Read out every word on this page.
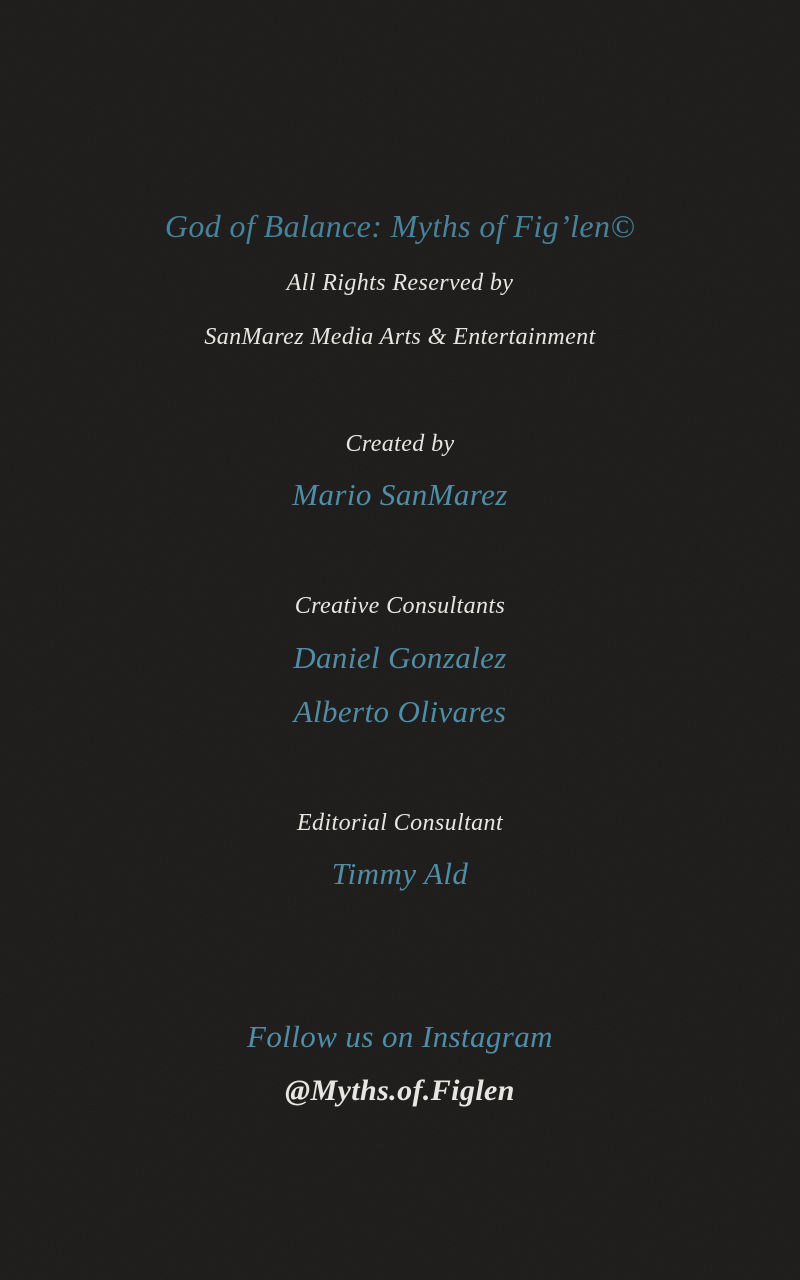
God of Balance: Myths of Fig’len©

All Rights Reserved by

SanMarez Media Arts & Entertainment

Created by

Mario SanMarez

Creative Consultants

Daniel Gonzalez

Alberto Olivares

Editorial Consultant

Timmy Ald

Follow us on Instagram

@Myths.of.Figlen
